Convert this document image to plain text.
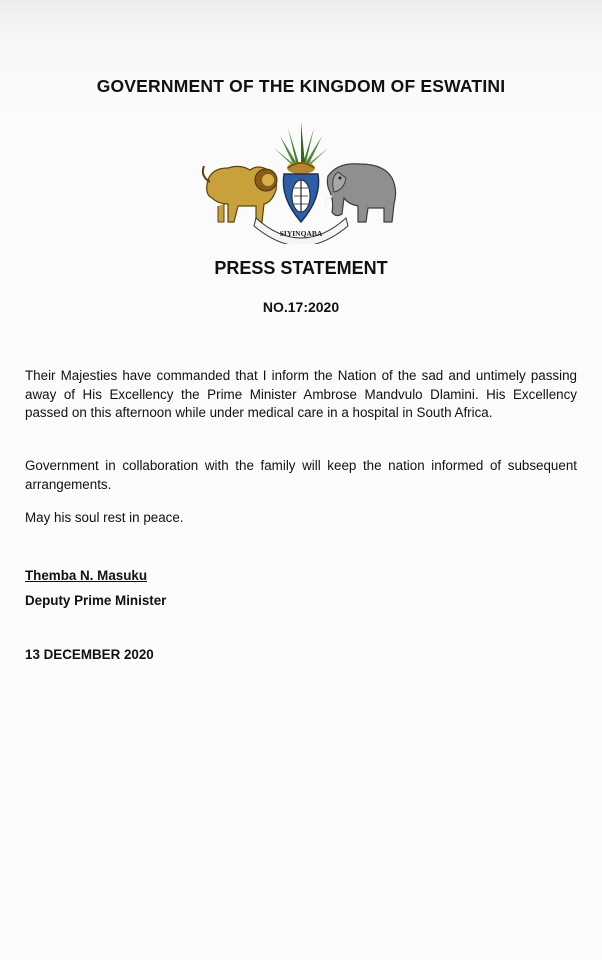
GOVERNMENT OF THE KINGDOM OF ESWATINI
SIYINQABA
PRESS STATEMENT
NO.17:2020

Their Majesties have commanded that I inform the Nation of the sad and untimely passing away of His Excellency the Prime Minister Ambrose Mandvulo Dlamini. His Excellency passed on this afternoon while under medical care in a hospital in South Africa.

Government in collaboration with the family will keep the nation informed of subsequent arrangements.

May his soul rest in peace.

Themba N. Masuku
Deputy Prime Minister
13 DECEMBER 2020
